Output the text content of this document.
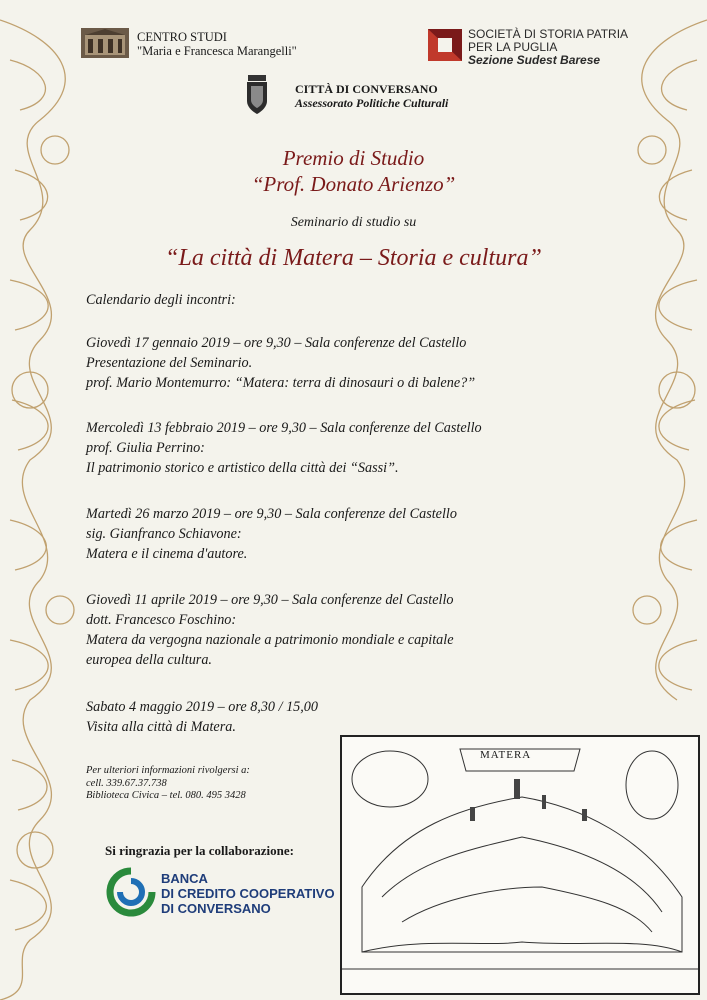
CENTRO STUDI
"Maria e Francesca Marangelli"
SOCIETÀ DI STORIA PATRIA
PER LA PUGLIA
Sezione Sudest Barese
CITTÀ DI CONVERSANO
Assessorato Politiche Culturali
Premio di Studio
“Prof. Donato Arienzo”
Seminario di studio su
“La città di Matera – Storia e cultura”
Calendario degli incontri:
Giovedì 17 gennaio 2019 – ore 9,30 – Sala conferenze del Castello
Presentazione del Seminario.
prof. Mario Montemurro: “Matera: terra di dinosauri o di balene?”
Mercoledì 13 febbraio 2019 – ore 9,30 – Sala conferenze del Castello
prof. Giulia Perrino:
Il patrimonio storico e artistico della città dei “Sassi”.
Martedì 26 marzo 2019 – ore 9,30 – Sala conferenze del Castello
sig. Gianfranco Schiavone:
Matera e il cinema d'autore.
Giovedì 11 aprile 2019 – ore 9,30 – Sala conferenze del Castello
dott. Francesco Foschino:
Matera da vergogna nazionale a patrimonio mondiale e capitale
europea della cultura.
Sabato 4 maggio 2019 – ore 8,30 / 15,00
Visita alla città di Matera.
Per ulteriori informazioni rivolgersi a:
cell. 339.67.37.738
Biblioteca Civica – tel. 080. 495 3428
Si ringrazia per la collaborazione:
BANCA
DI CREDITO COOPERATIVO
DI CONVERSANO
MATERA
